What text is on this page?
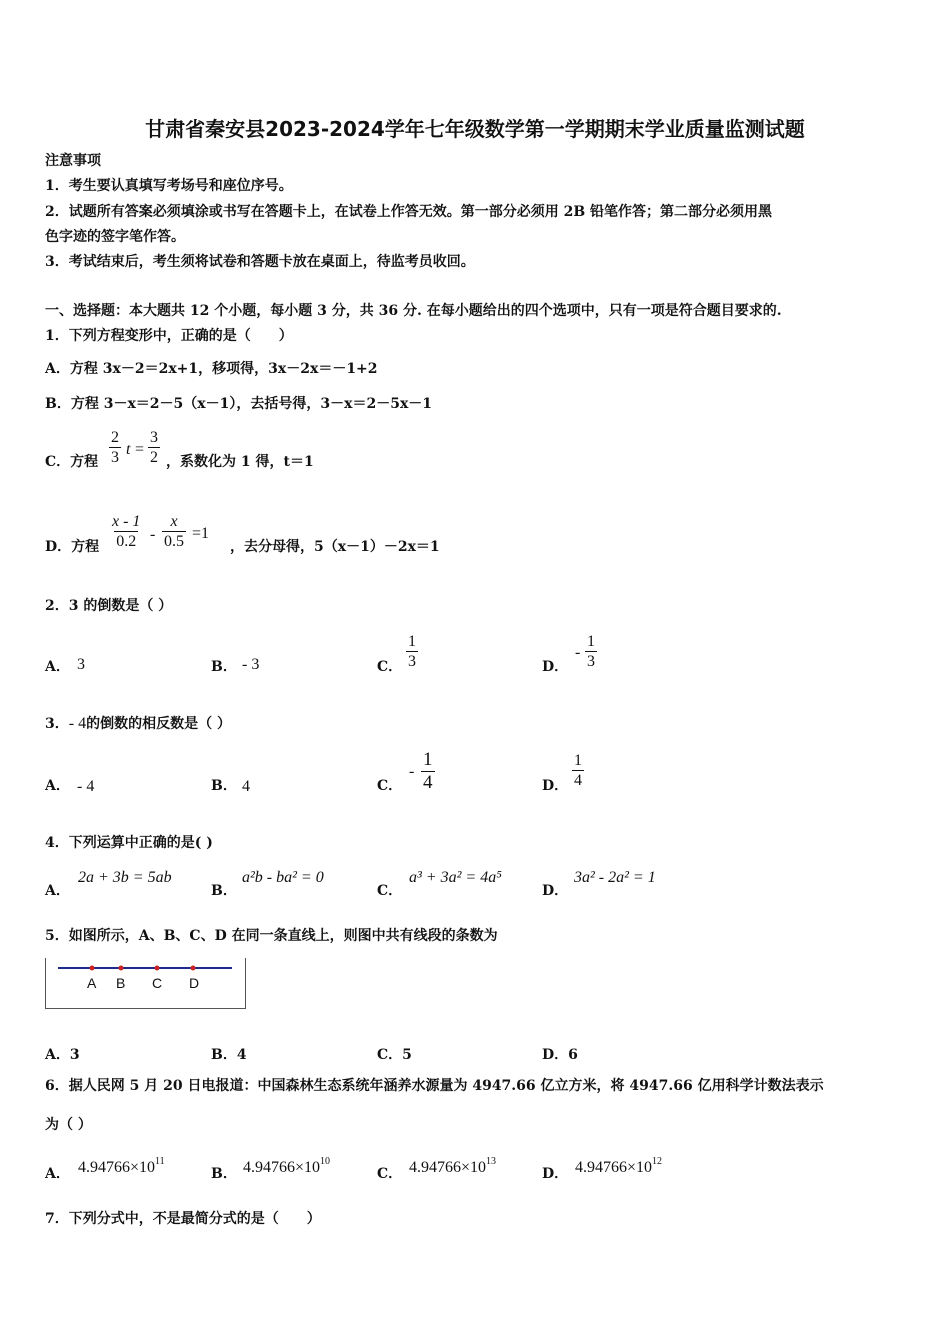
甘肃省秦安县2023-2024学年七年级数学第一学期期末学业质量监测试题
注意事项
1．考生要认真填写考场号和座位序号。
2．试题所有答案必须填涂或书写在答题卡上，在试卷上作答无效。第一部分必须用 2B 铅笔作答；第二部分必须用黑
色字迹的签字笔作答。
3．考试结束后，考生须将试卷和答题卡放在桌面上，待监考员收回。
一、选择题：本大题共 12 个小题，每小题 3 分，共 36 分. 在每小题给出的四个选项中，只有一项是符合题目要求的.
1．下列方程变形中，正确的是（　　）
A．方程 3x－2＝2x+1，移项得，3x－2x＝－1+2
B．方程 3－x＝2－5（x－1），去括号得，3－x＝2－5x－1
C．方程 $\frac{2}{3}$ $t = \frac{3}{2}$ ，系数化为 1 得，t＝1
D．方程 $\frac{x - 1}{0.2} - \frac{x}{0.5} =1$
，去分母得，5（x－1）－2x＝1
2．3 的倒数是（ ）
A． 3	B． - 3	C． $\frac{1}{3}$	D．
- $\frac{1}{3}$
3．- 4的倒数的相反数是（ ）
A． - 4	B． 4	C．
- $\frac{1}{4}$	D． $\frac{1}{4}$
4．下列运算中正确的是( )
A．
2a + 3b = 5ab
B．
a²b - ba² = 0
C．
a³ + 3a² = 4a⁵
D．
3a² - 2a² = 1
5．如图所示，A、B、C、D 在同一条直线上，则图中共有线段的条数为
A B C D
A．3	B．4	C．5	D．6
6．据人民网 5 月 20 日电报道：中国森林生态系统年涵养水源量为 4947.66 亿立方米，将 4947.66 亿用科学计数法表示
为（ ）
A． $4.94766\times 10^{11}$
B． $4.94766\times 10^{10}$
C． $4.94766\times 10^{13}$
D． $4.94766\times 10^{12}$
7．下列分式中，不是最简分式的是（　　）
